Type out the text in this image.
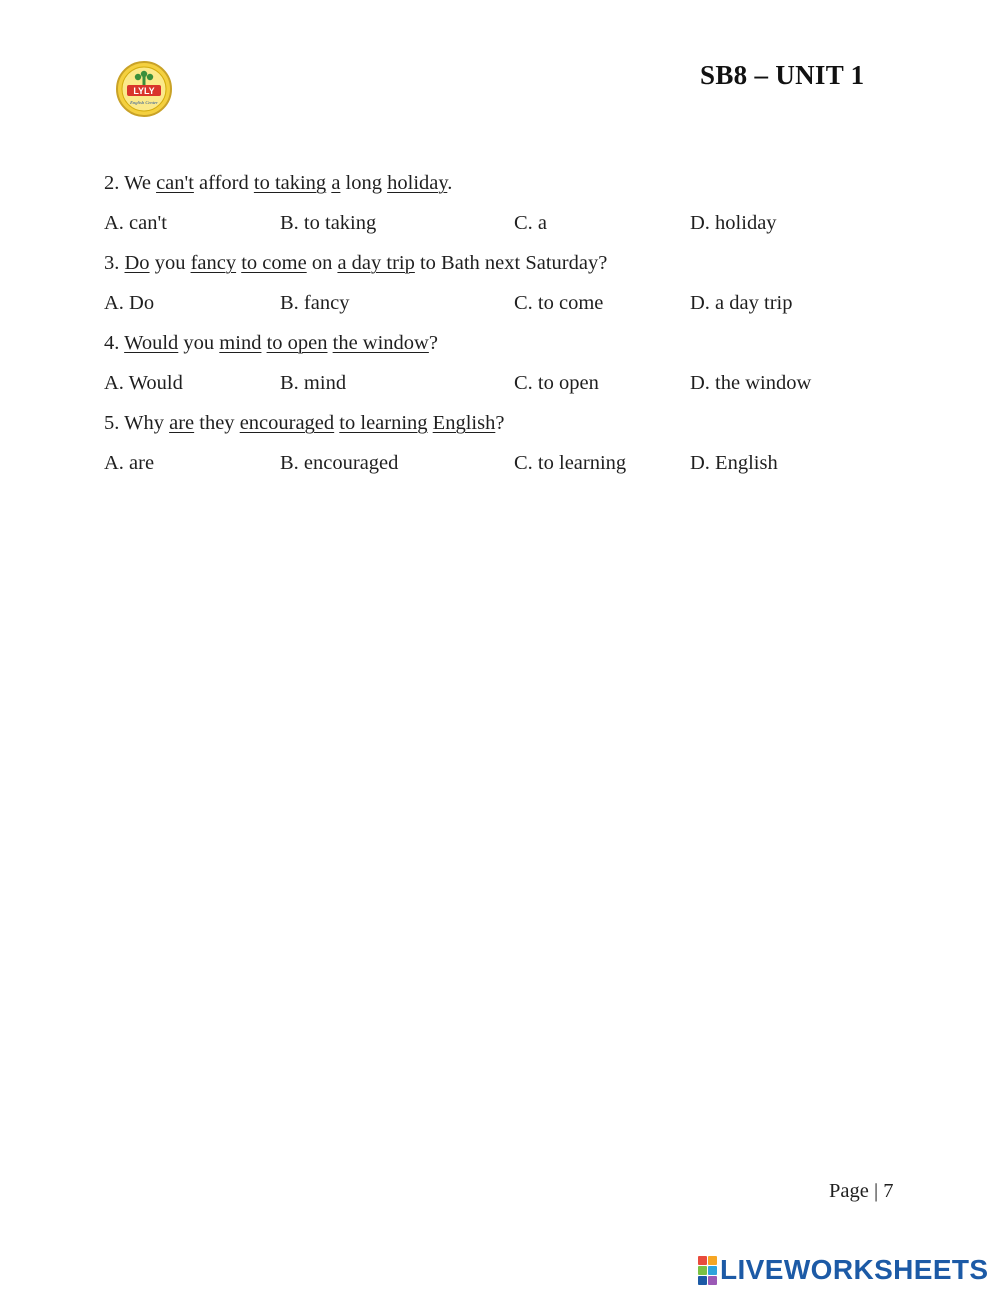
LYLY
English Center
SB8 – UNIT 1
2. We can't afford to taking a long holiday.
A. can't	B. to taking	C. a	D. holiday
3. Do you fancy to come on a day trip to Bath next Saturday?
A. Do	B. fancy	C. to come	D. a day trip
4. Would you mind to open the window?
A. Would	B. mind	C. to open	D. the window
5. Why are they encouraged to learning English?
A. are	B. encouraged	C. to learning	D. English
Page | 7
LIVEWORKSHEETS
